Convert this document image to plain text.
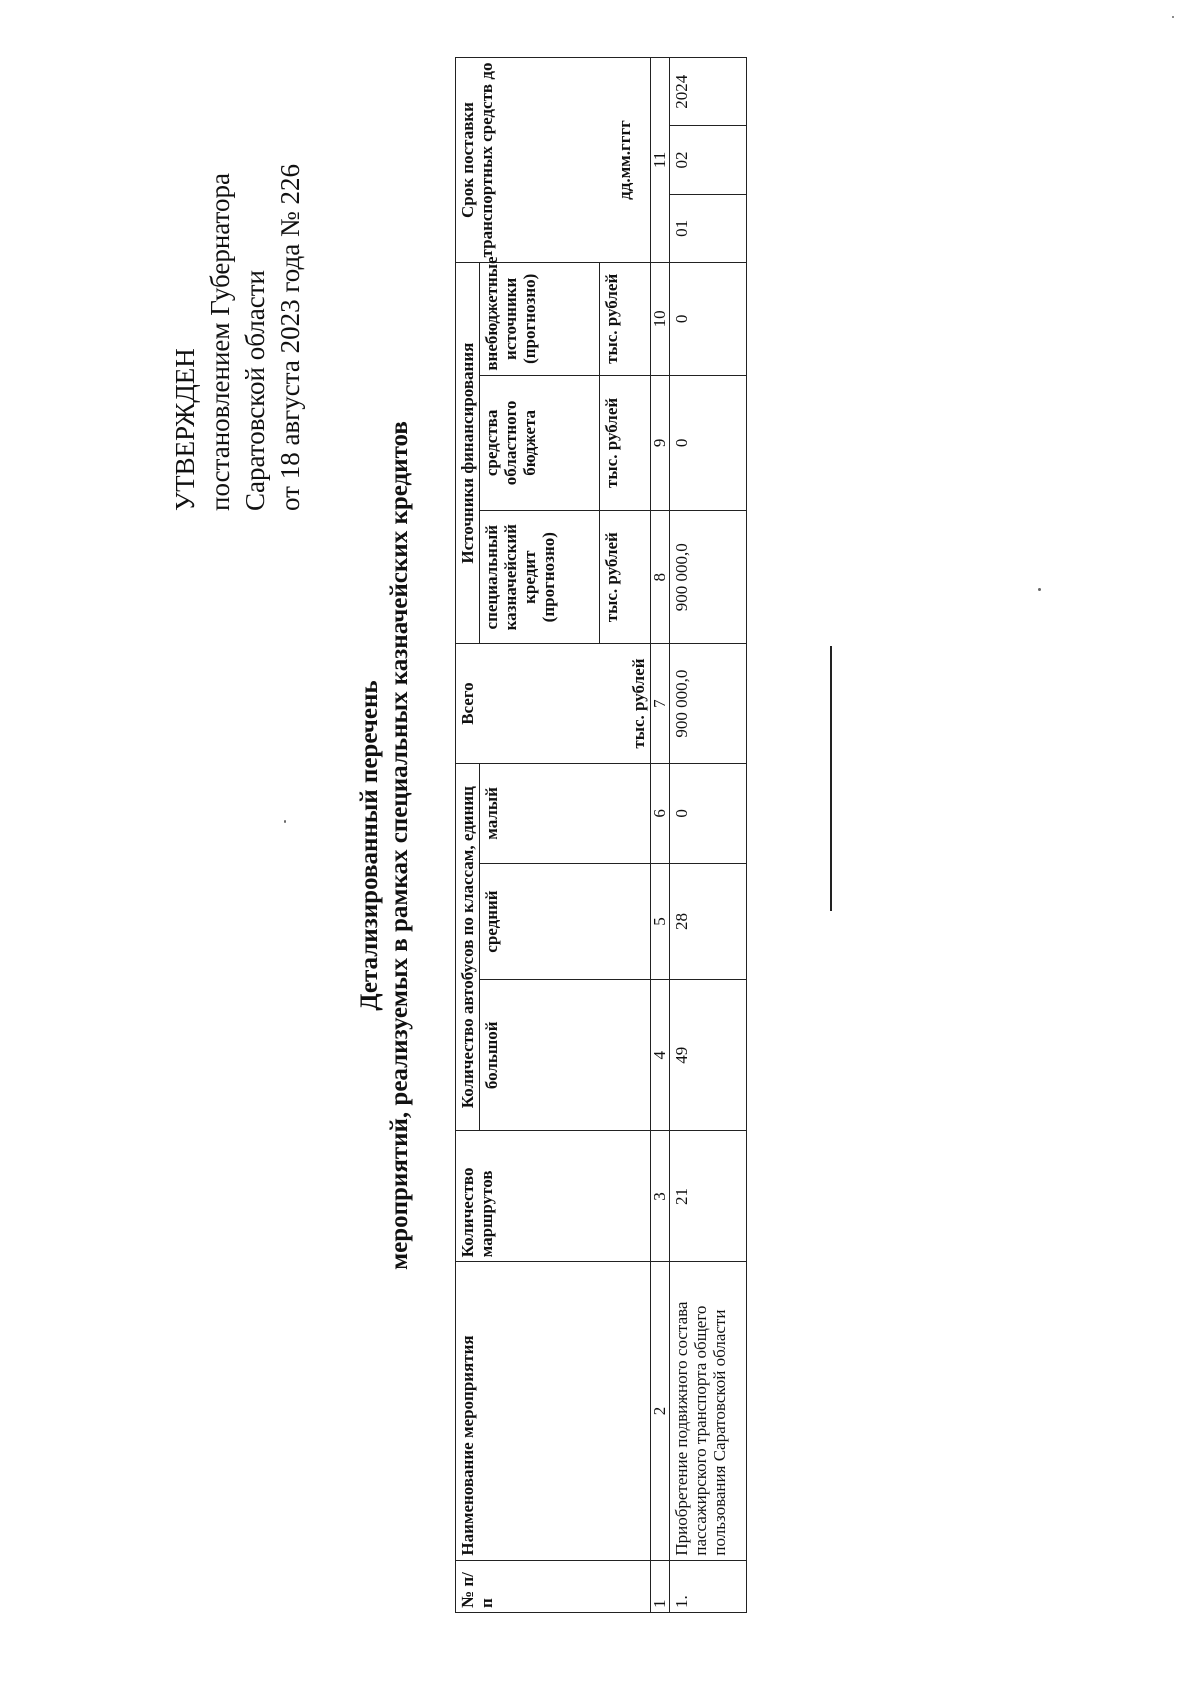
УТВЕРЖДЕН постановлением Губернатора Саратовской области от 18 августа 2023 года № 226
Детализированный перечень мероприятий, реализуемых в рамках специальных казначейских кредитов
№ п/п	Наименование мероприятия	Количество маршрутов	Количество автобусов по классам, единиц			Всего	Источники финансирования			Срок поставки транспортных средств до		
			большой	средний	малый		специальный казначейский кредит (прогнозно)	средства областного бюджета	внебюджетные источники (прогнозно)			
						тыс. рублей	тыс. рублей	тыс. рублей	тыс. рублей	дд.мм.гггг		
1	2	3	4	5	6	7	8	9	10	11		
1.	Приобретение подвижного состава пассажирского транспорта общего пользования Саратовской области	21	49	28	0	900 000,0	900 000,0	0	0	01	02	2024
